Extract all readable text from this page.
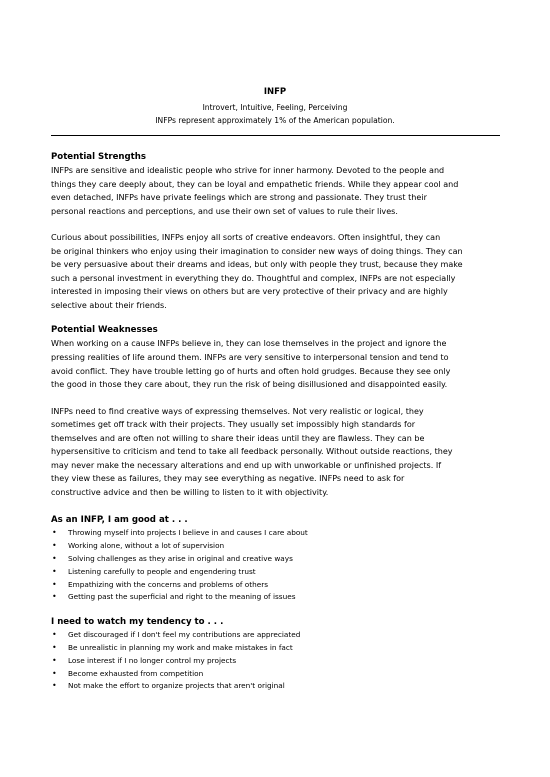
INFP

Introvert, Intuitive, Feeling, Perceiving

INFPs represent approximately 1% of the American population.

Potential Strengths

INFPs are sensitive and idealistic people who strive for inner harmony. Devoted to the people and
things they care deeply about, they can be loyal and empathetic friends. While they appear cool and
even detached, INFPs have private feelings which are strong and passionate. They trust their
personal reactions and perceptions, and use their own set of values to rule their lives.

Curious about possibilities, INFPs enjoy all sorts of creative endeavors. Often insightful, they can
be original thinkers who enjoy using their imagination to consider new ways of doing things. They can
be very persuasive about their dreams and ideas, but only with people they trust, because they make
such a personal investment in everything they do. Thoughtful and complex, INFPs are not especially
interested in imposing their views on others but are very protective of their privacy and are highly
selective about their friends.

Potential Weaknesses

When working on a cause INFPs believe in, they can lose themselves in the project and ignore the
pressing realities of life around them. INFPs are very sensitive to interpersonal tension and tend to
avoid conflict. They have trouble letting go of hurts and often hold grudges. Because they see only
the good in those they care about, they run the risk of being disillusioned and disappointed easily.

INFPs need to find creative ways of expressing themselves. Not very realistic or logical, they
sometimes get off track with their projects. They usually set impossibly high standards for
themselves and are often not willing to share their ideas until they are flawless. They can be
hypersensitive to criticism and tend to take all feedback personally. Without outside reactions, they
may never make the necessary alterations and end up with unworkable or unfinished projects. If
they view these as failures, they may see everything as negative. INFPs need to ask for
constructive advice and then be willing to listen to it with objectivity.

As an INFP, I am good at . . .

• Throwing myself into projects I believe in and causes I care about
• Working alone, without a lot of supervision
• Solving challenges as they arise in original and creative ways
• Listening carefully to people and engendering trust
• Empathizing with the concerns and problems of others
• Getting past the superficial and right to the meaning of issues

I need to watch my tendency to . . .

• Get discouraged if I don't feel my contributions are appreciated
• Be unrealistic in planning my work and make mistakes in fact
• Lose interest if I no longer control my projects
• Become exhausted from competition
• Not make the effort to organize projects that aren't original
